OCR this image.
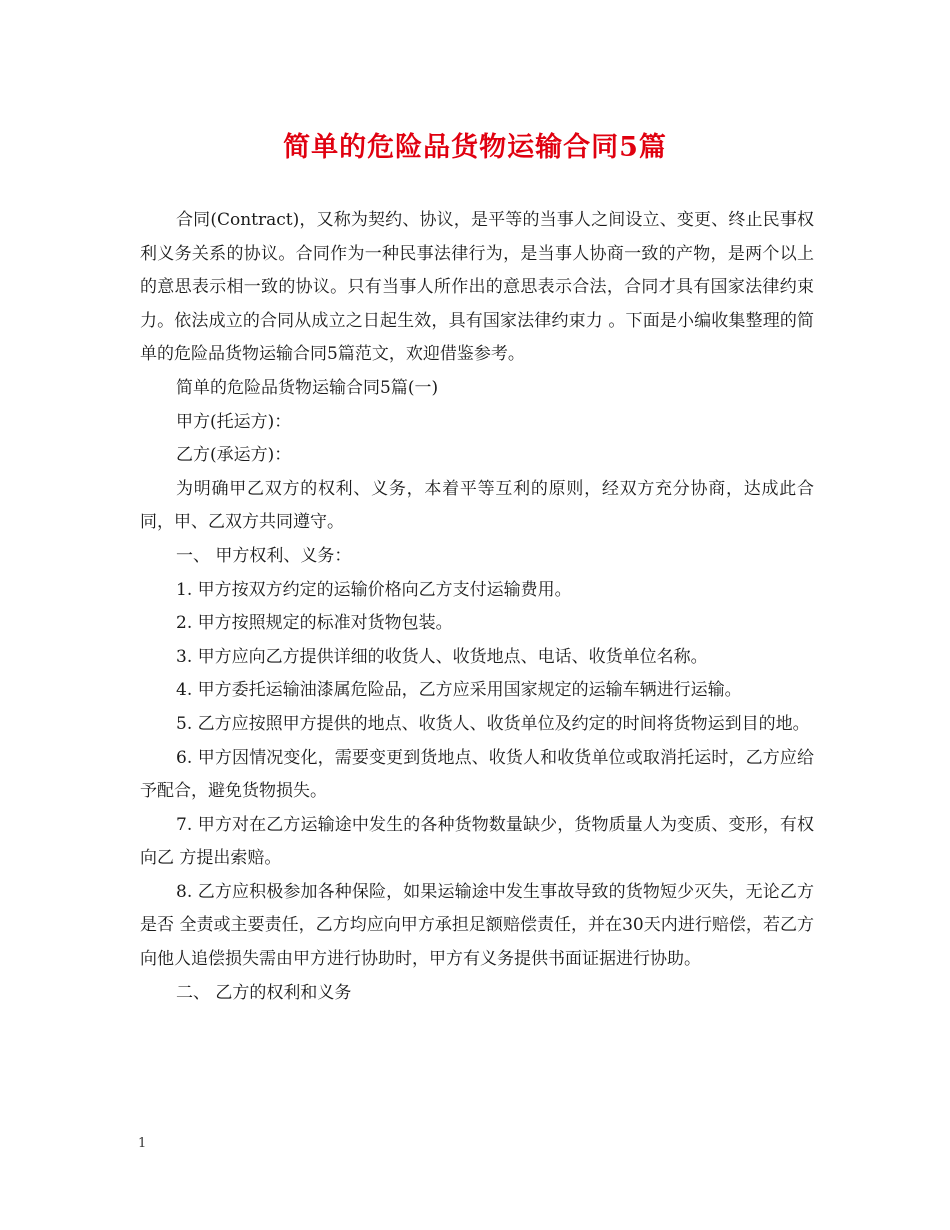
简单的危险品货物运输合同5篇

合同(Contract)，又称为契约、协议，是平等的当事人之间设立、变更、终止民事权利义务关系的协议。合同作为一种民事法律行为，是当事人协商一致的产物，是两个以上的意思表示相一致的协议。只有当事人所作出的意思表示合法，合同才具有国家法律约束力。依法成立的合同从成立之日起生效，具有国家法律约束力 。下面是小编收集整理的简单的危险品货物运输合同5篇范文，欢迎借鉴参考。

简单的危险品货物运输合同5篇(一)

甲方(托运方)：

乙方(承运方)：

为明确甲乙双方的权利、义务，本着平等互利的原则，经双方充分协商，达成此合同，甲、乙双方共同遵守。

一、 甲方权利、义务：

1. 甲方按双方约定的运输价格向乙方支付运输费用。

2. 甲方按照规定的标准对货物包装。

3. 甲方应向乙方提供详细的收货人、收货地点、电话、收货单位名称。

4. 甲方委托运输油漆属危险品，乙方应采用国家规定的运输车辆进行运输。

5. 乙方应按照甲方提供的地点、收货人、收货单位及约定的时间将货物运到目的地。

6. 甲方因情况变化，需要变更到货地点、收货人和收货单位或取消托运时，乙方应给予配合，避免货物损失。

7. 甲方对在乙方运输途中发生的各种货物数量缺少，货物质量人为变质、变形，有权向乙 方提出索赔。

8. 乙方应积极参加各种保险，如果运输途中发生事故导致的货物短少灭失，无论乙方是否 全责或主要责任，乙方均应向甲方承担足额赔偿责任，并在30天内进行赔偿，若乙方向他人追偿损失需由甲方进行协助时，甲方有义务提供书面证据进行协助。

二、 乙方的权利和义务

1
